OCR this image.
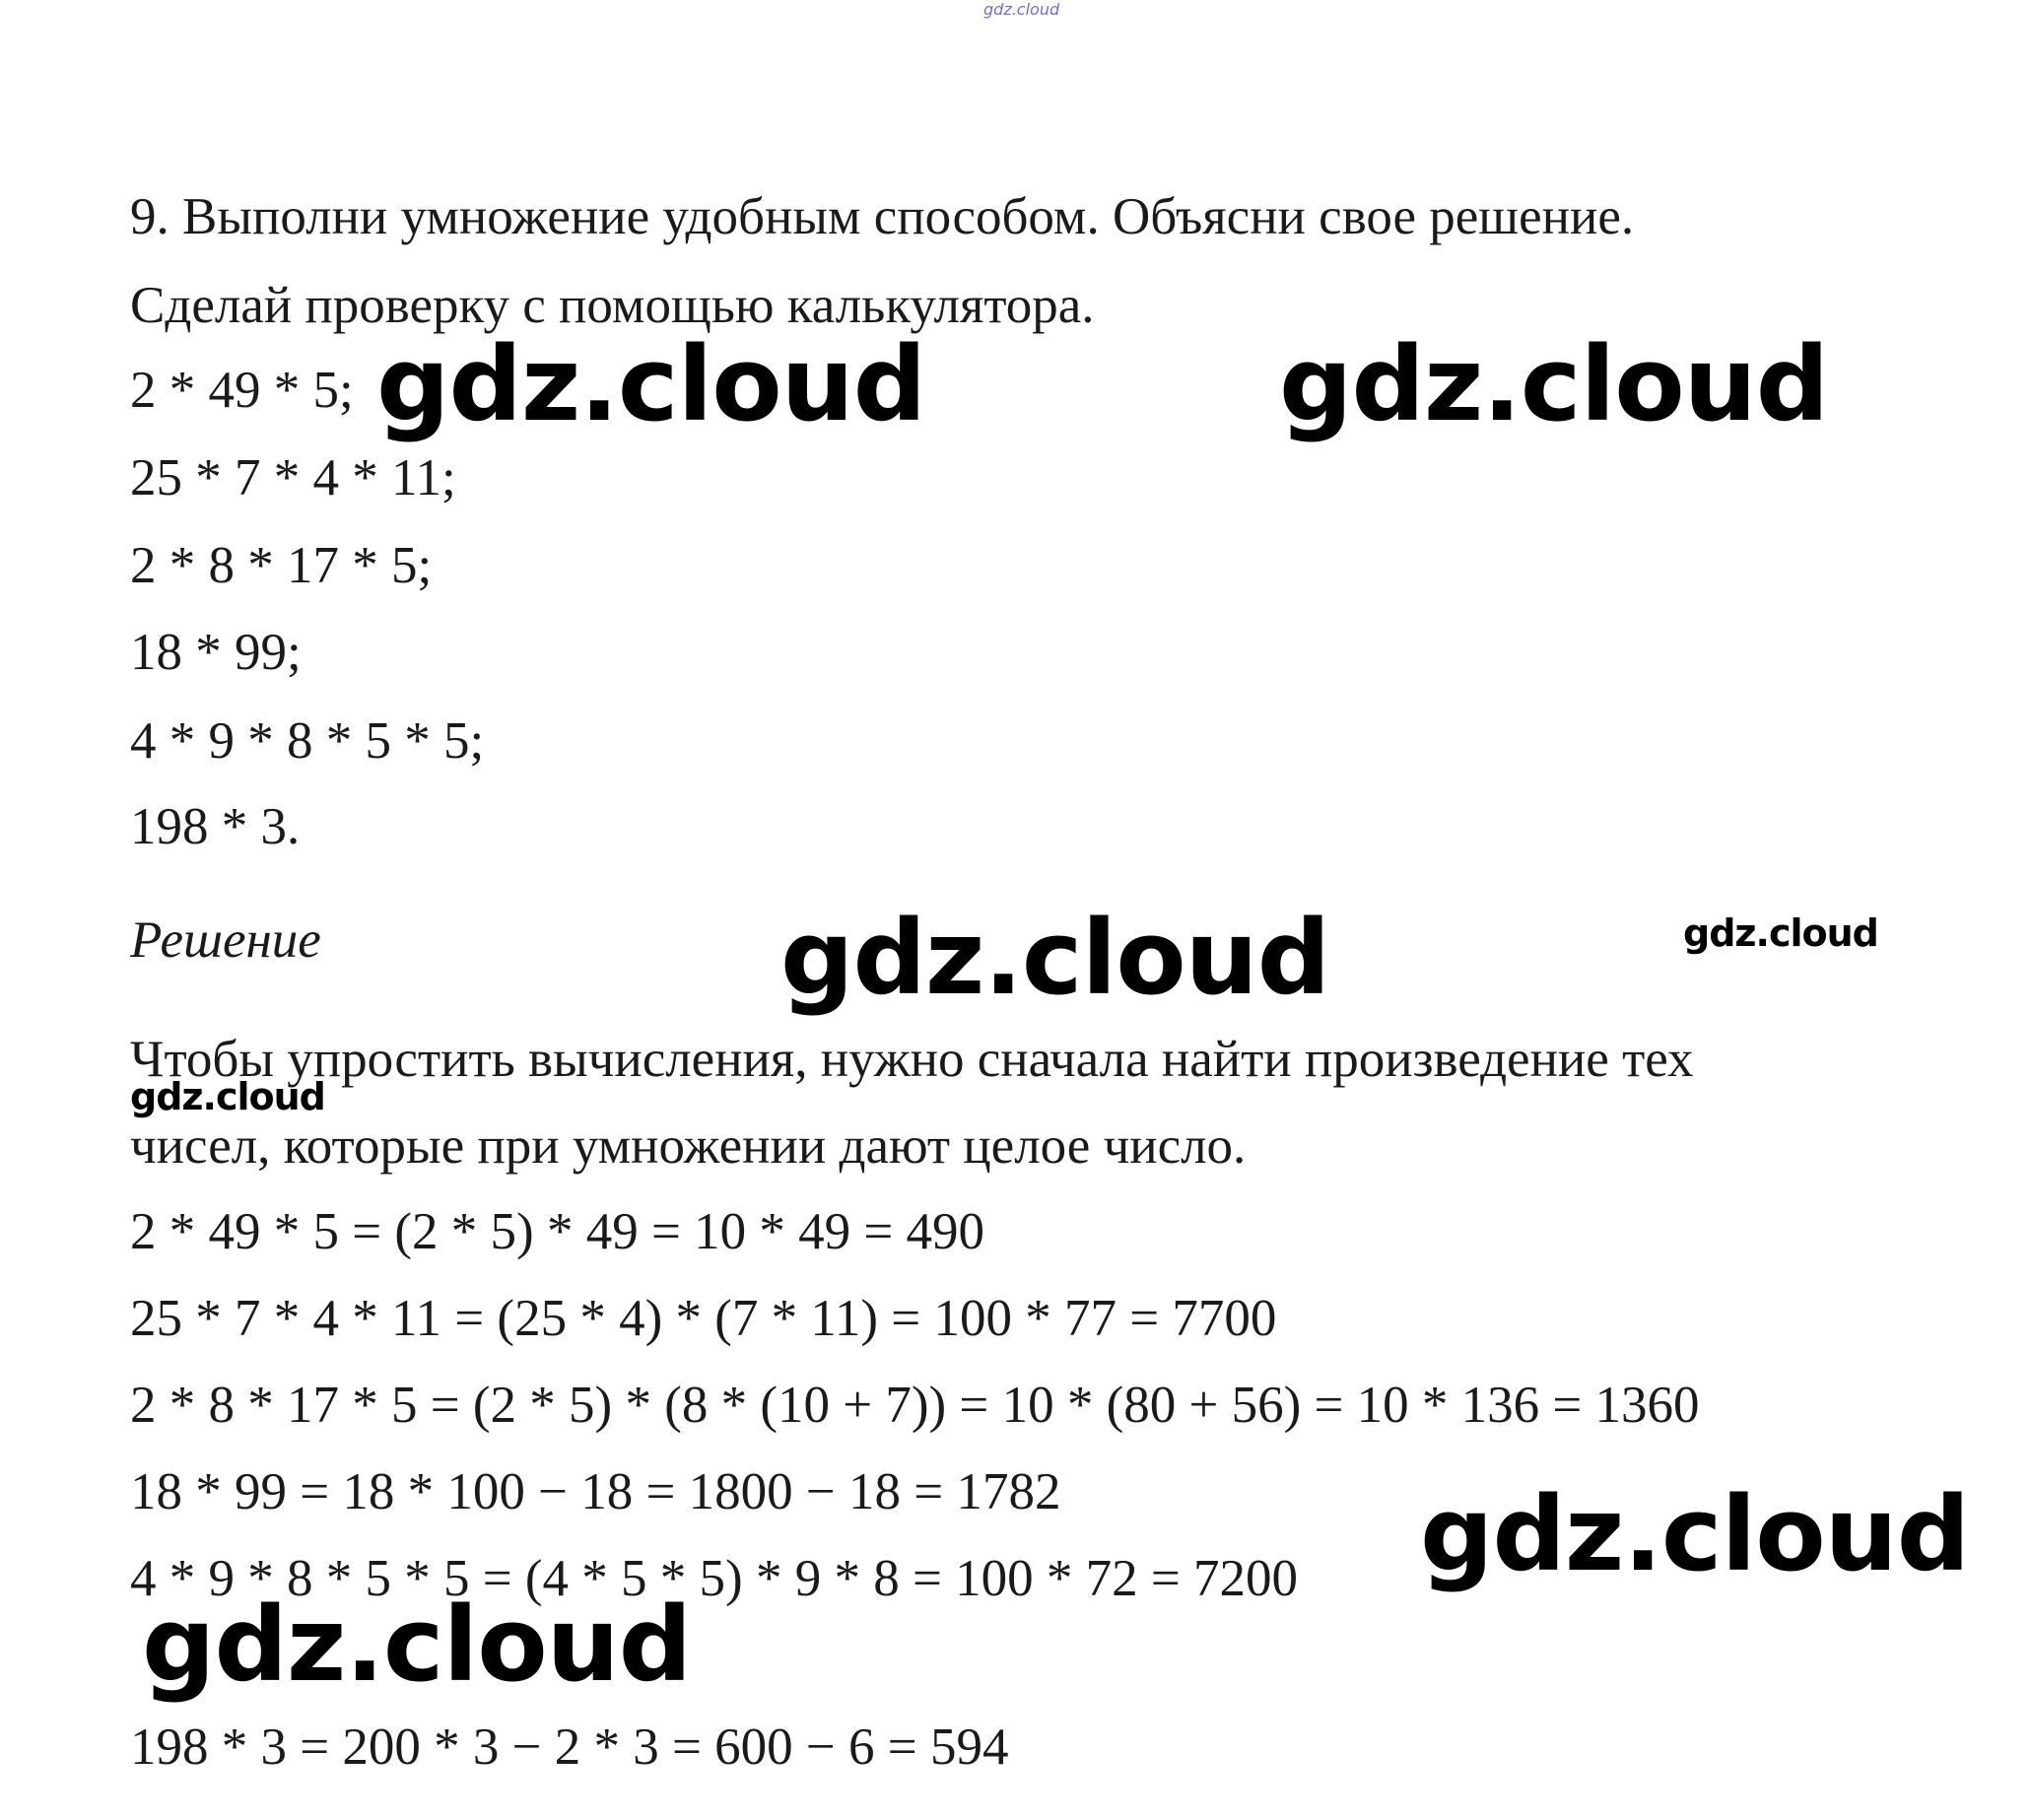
gdz.cloud
9. Выполни умножение удобным способом. Объясни свое решение.
Сделай проверку с помощью калькулятора.
2 * 49 * 5;
25 * 7 * 4 * 11;
2 * 8 * 17 * 5;
18 * 99;
4 * 9 * 8 * 5 * 5;
198 * 3.
Решение
Чтобы упростить вычисления, нужно сначала найти произведение тех
чисел, которые при умножении дают целое число.
2 * 49 * 5 = (2 * 5) * 49 = 10 * 49 = 490
25 * 7 * 4 * 11 = (25 * 4) * (7 * 11) = 100 * 77 = 7700
2 * 8 * 17 * 5 = (2 * 5) * (8 * (10 + 7)) = 10 * (80 + 56) = 10 * 136 = 1360
18 * 99 = 18 * 100 − 18 = 1800 − 18 = 1782
4 * 9 * 8 * 5 * 5 = (4 * 5 * 5) * 9 * 8 = 100 * 72 = 7200
198 * 3 = 200 * 3 − 2 * 3 = 600 − 6 = 594
gdz.cloud	gdz.cloud
gdz.cloud	gdz.cloud
gdz.cloud
gdz.cloud
gdz.cloud
